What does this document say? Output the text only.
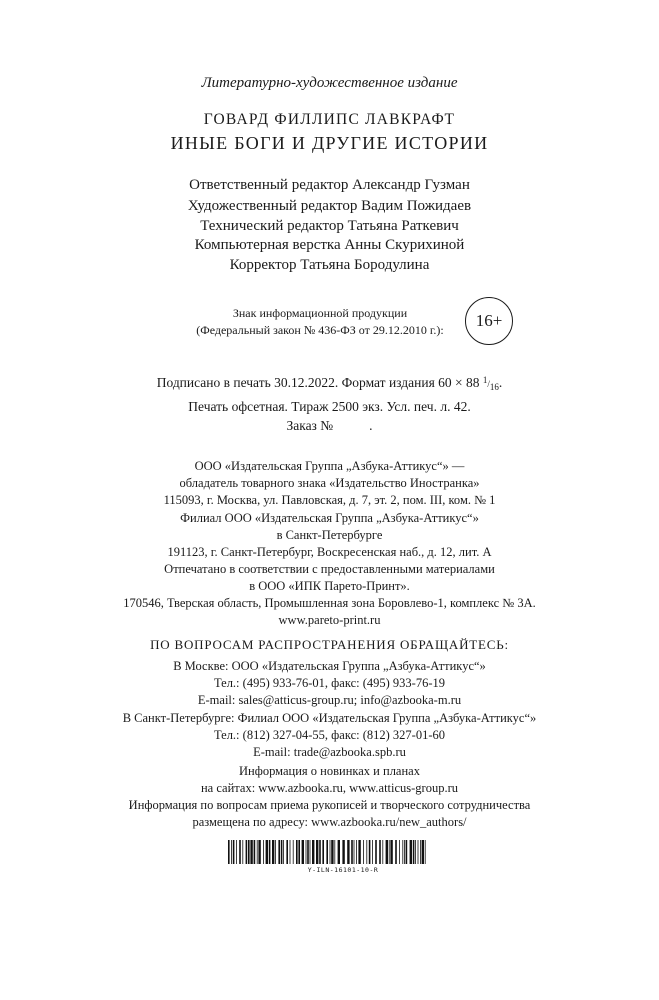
Литературно-художественное издание
ГОВАРД ФИЛЛИПС ЛАВКРАФТ
ИНЫЕ БОГИ И ДРУГИЕ ИСТОРИИ
Ответственный редактор Александр Гузман
Художественный редактор Вадим Пожидаев
Технический редактор Татьяна Раткевич
Компьютерная верстка Анны Скурихиной
Корректор Татьяна Бородулина
Знак информационной продукции
(Федеральный закон № 436-ФЗ от 29.12.2010 г.):	16+
Подписано в печать 30.12.2022. Формат издания 60 × 88 1/16.
Печать офсетная. Тираж 2500 экз. Усл. печ. л. 42.
Заказ №	.
ООО «Издательская Группа „Азбука-Аттикус“» —
обладатель товарного знака «Издательство Иностранка»
115093, г. Москва, ул. Павловская, д. 7, эт. 2, пом. III, ком. № 1
Филиал ООО «Издательская Группа „Азбука-Аттикус“»
в Санкт-Петербурге
191123, г. Санкт-Петербург, Воскресенская наб., д. 12, лит. А
Отпечатано в соответствии с предоставленными материалами
в ООО «ИПК Парето-Принт».
170546, Тверская область, Промышленная зона Боровлево-1, комплекс № 3А.
www.pareto-print.ru
ПО ВОПРОСАМ РАСПРОСТРАНЕНИЯ ОБРАЩАЙТЕСЬ:
В Москве: ООО «Издательская Группа „Азбука-Аттикус“»
Тел.: (495) 933-76-01, факс: (495) 933-76-19
E-mail: sales@atticus-group.ru; info@azbooka-m.ru
В Санкт-Петербурге: Филиал ООО «Издательская Группа „Азбука-Аттикус“»
Тел.: (812) 327-04-55, факс: (812) 327-01-60
E-mail: trade@azbooka.spb.ru
Информация о новинках и планах
на сайтах: www.azbooka.ru, www.atticus-group.ru
Информация по вопросам приема рукописей и творческого сотрудничества
размещена по адресу: www.azbooka.ru/new_authors/
Y-ILN-16101-10-R
